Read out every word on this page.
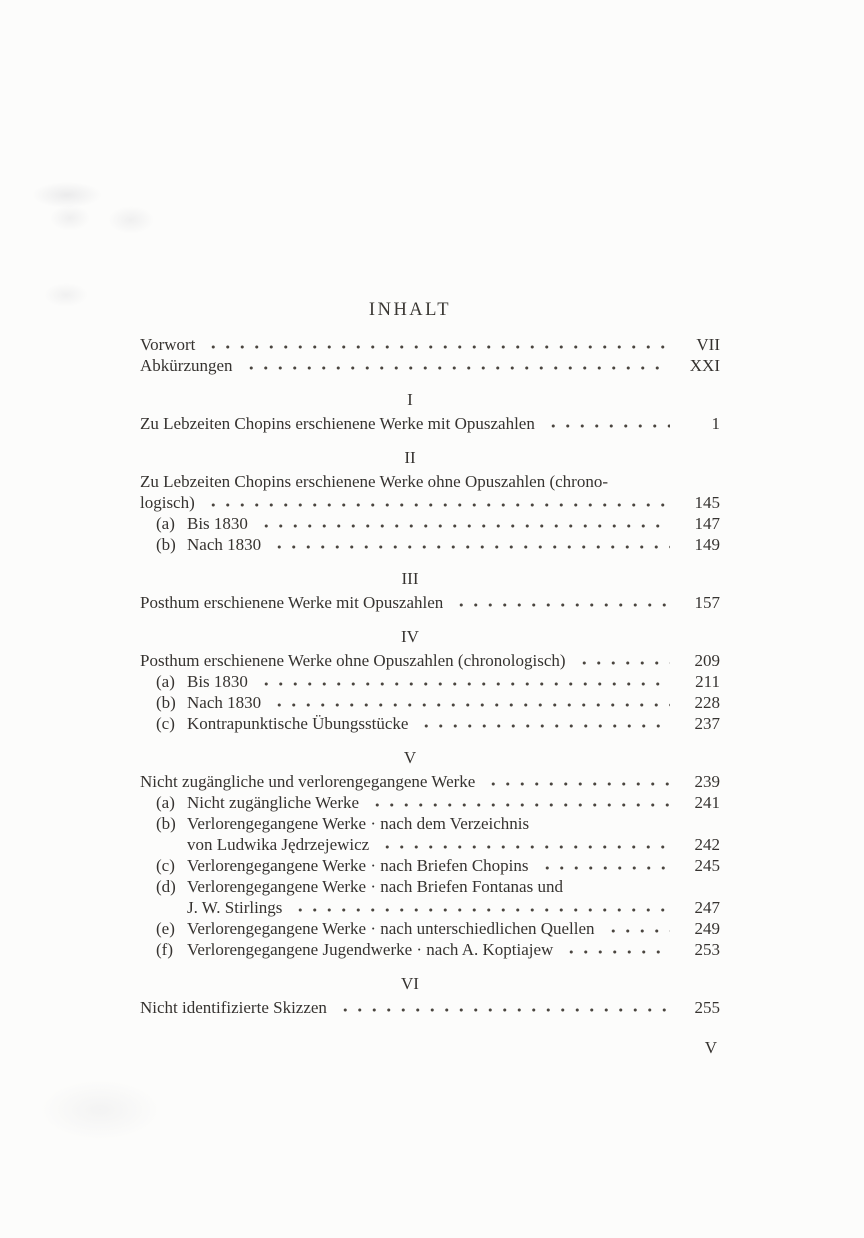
INHALT
Vorwort	VII
Abkürzungen	XXI
I
Zu Lebzeiten Chopins erschienene Werke mit Opuszahlen	1
II
Zu Lebzeiten Chopins erschienene Werke ohne Opuszahlen (chrono-
logisch)	145
(a) Bis 1830	147
(b) Nach 1830	149
III
Posthum erschienene Werke mit Opuszahlen	157
IV
Posthum erschienene Werke ohne Opuszahlen (chronologisch)	209
(a) Bis 1830	211
(b) Nach 1830	228
(c) Kontrapunktische Übungsstücke	237
V
Nicht zugängliche und verlorengegangene Werke	239
(a) Nicht zugängliche Werke	241
(b) Verlorengegangene Werke · nach dem Verzeichnis
von Ludwika Jędrzejewicz	242
(c) Verlorengegangene Werke · nach Briefen Chopins	245
(d) Verlorengegangene Werke · nach Briefen Fontanas und
J. W. Stirlings	247
(e) Verlorengegangene Werke · nach unterschiedlichen Quellen	249
(f) Verlorengegangene Jugendwerke · nach A. Koptiajew	253
VI
Nicht identifizierte Skizzen	255
V
